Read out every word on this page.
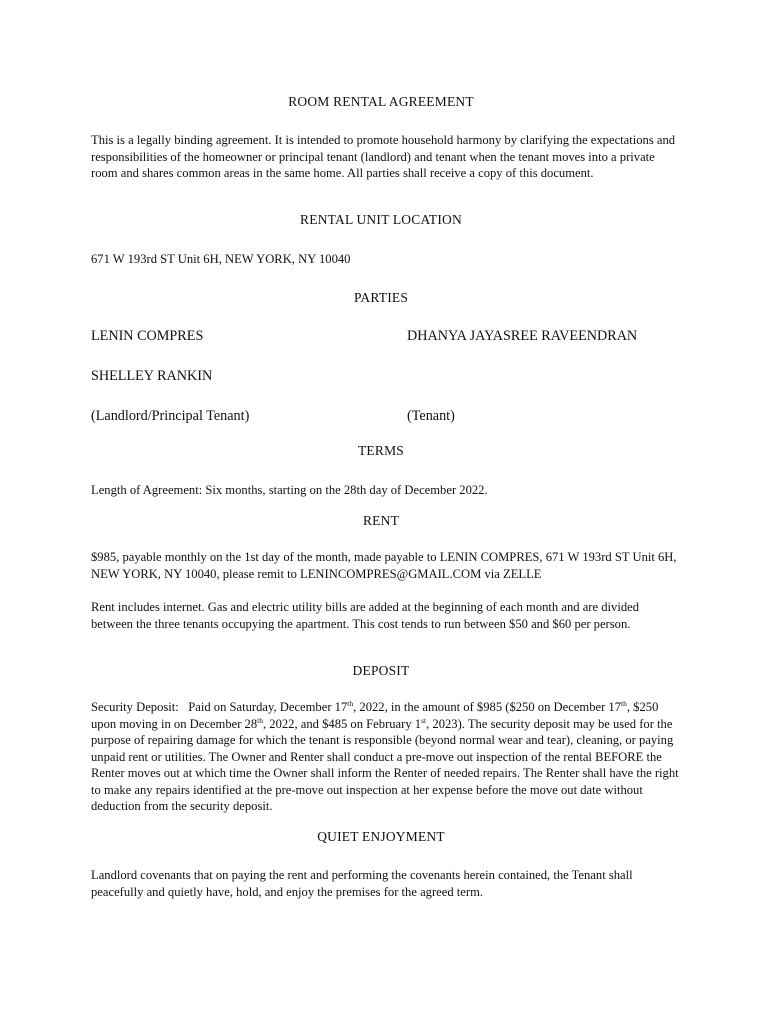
ROOM RENTAL AGREEMENT
This is a legally binding agreement. It is intended to promote household harmony by clarifying the expectations and responsibilities of the homeowner or principal tenant (landlord) and tenant when the tenant moves into a private room and shares common areas in the same home. All parties shall receive a copy of this document.
RENTAL UNIT LOCATION
671 W 193rd ST Unit 6H, NEW YORK, NY 10040
PARTIES
LENIN COMPRES	DHANYA JAYASREE RAVEENDRAN
SHELLEY RANKIN
(Landlord/Principal Tenant)	(Tenant)
TERMS
Length of Agreement: Six months, starting on the 28th day of December 2022.
RENT
$985, payable monthly on the 1st day of the month, made payable to LENIN COMPRES, 671 W 193rd ST Unit 6H, NEW YORK, NY 10040, please remit to LENINCOMPRES@GMAIL.COM via ZELLE
Rent includes internet. Gas and electric utility bills are added at the beginning of each month and are divided between the three tenants occupying the apartment. This cost tends to run between $50 and $60 per person.
DEPOSIT
Security Deposit: Paid on Saturday, December 17th, 2022, in the amount of $985 ($250 on December 17th, $250 upon moving in on December 28th, 2022, and $485 on February 1st, 2023). The security deposit may be used for the purpose of repairing damage for which the tenant is responsible (beyond normal wear and tear), cleaning, or paying unpaid rent or utilities. The Owner and Renter shall conduct a pre-move out inspection of the rental BEFORE the Renter moves out at which time the Owner shall inform the Renter of needed repairs. The Renter shall have the right to make any repairs identified at the pre-move out inspection at her expense before the move out date without deduction from the security deposit.
QUIET ENJOYMENT
Landlord covenants that on paying the rent and performing the covenants herein contained, the Tenant shall peacefully and quietly have, hold, and enjoy the premises for the agreed term.
